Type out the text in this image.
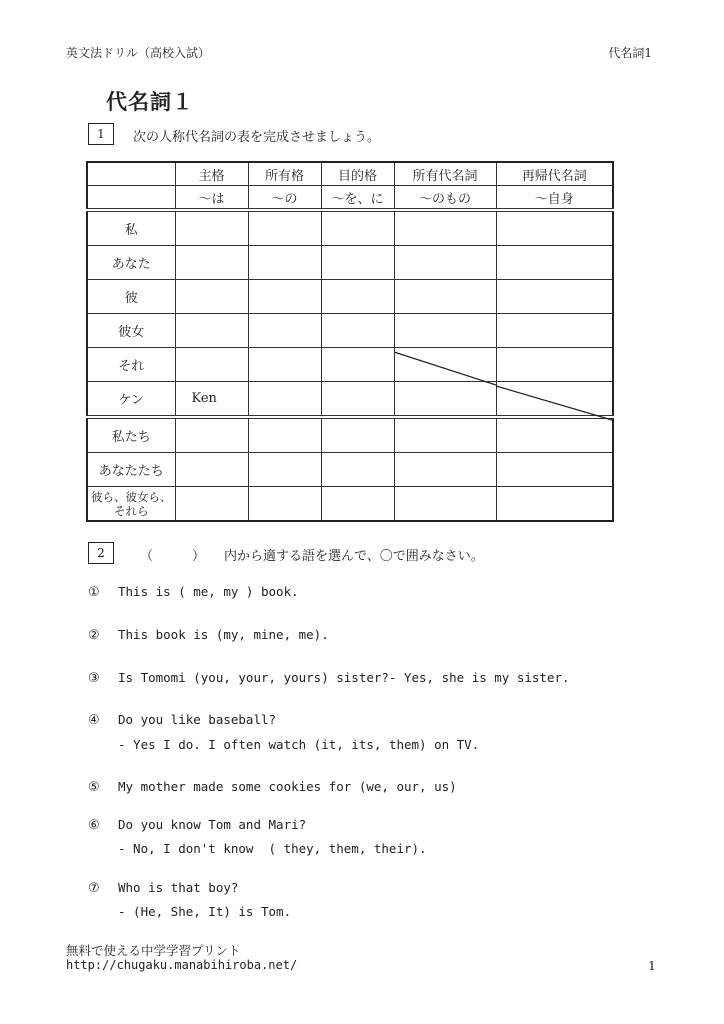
英文法ドリル（高校入試）	代名詞1
代名詞１
1	次の人称代名詞の表を完成させましょう。
	主格	所有格	目的格	所有代名詞	再帰代名詞
	～は	～の	～を、に	～のもの	～自身
私					
あなた					
彼					
彼女					
それ					
ケン	Ken				
私たち					
あなたたち					
彼ら、彼女ら、それら					
2	（　　　） 内から適する語を選んで、〇で囲みなさい。
① This is ( me, my ) book.
② This book is (my, mine, me).
③ Is Tomomi (you, your, yours) sister?- Yes, she is my sister.
④ Do you like baseball?
- Yes I do. I often watch (it, its, them) on TV.
⑤ My mother made some cookies for (we, our, us)
⑥ Do you know Tom and Mari?
- No, I don't know  ( they, them, their).
⑦ Who is that boy?
- (He, She, It) is Tom.
無料で使える中学学習プリント
http://chugaku.manabihiroba.net/	1
